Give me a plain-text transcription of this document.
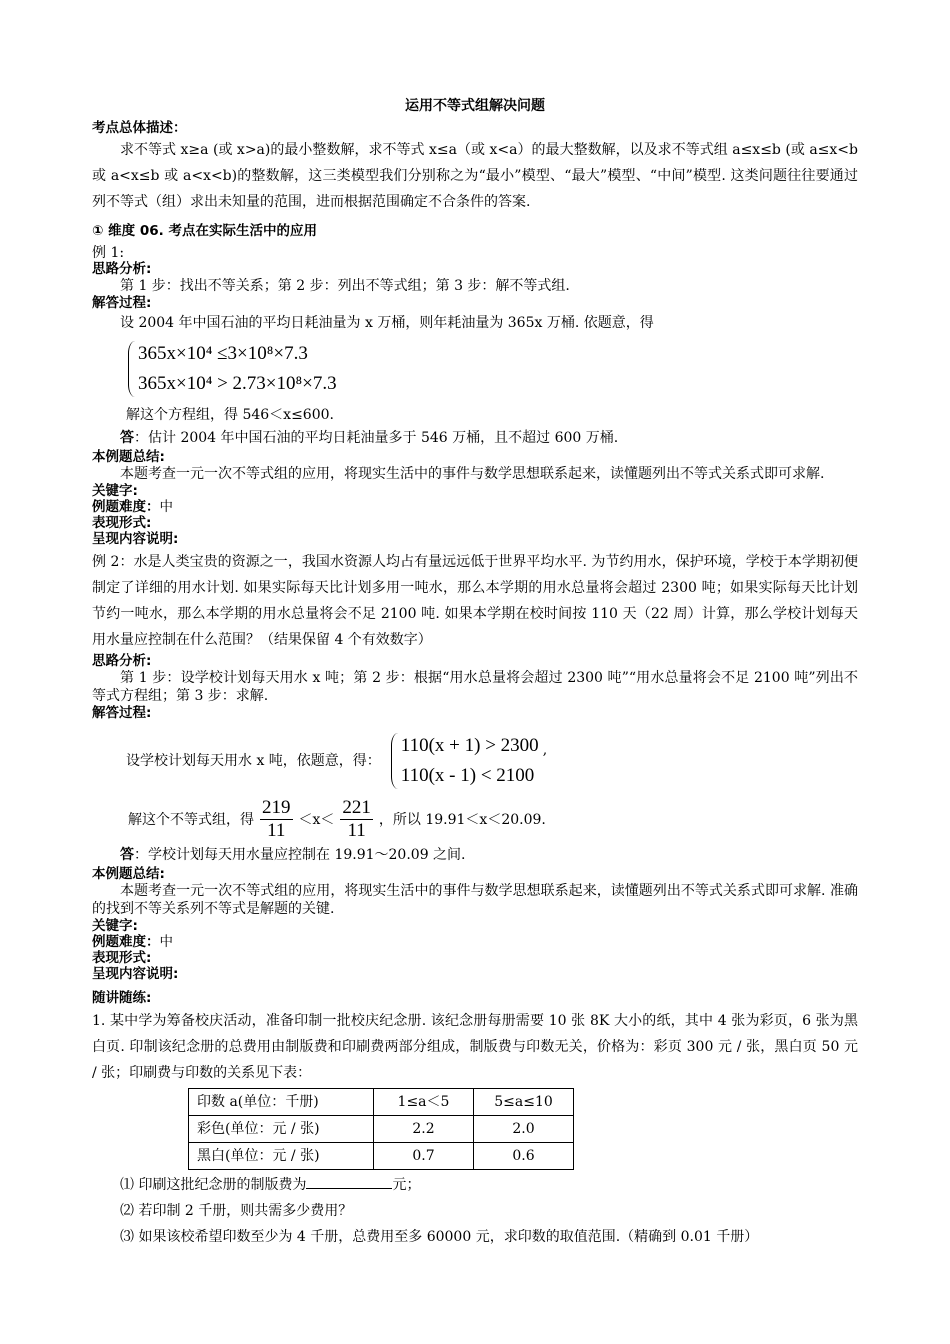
运用不等式组解决问题
考点总体描述：

求不等式 x≥a (或 x>a)的最小整数解，求不等式 x≤a（或 x<a）的最大整数解，以及求不等式组 a≤x≤b (或 a≤x<b 或 a<x≤b 或 a<x<b)的整数解，这三类模型我们分别称之为“最小”模型、“最大”模型、“中间”模型. 这类问题往往要通过列不等式（组）求出未知量的范围，进而根据范围确定不合条件的答案.

① 维度 06. 考点在实际生活中的应用
例 1:
思路分析:

第 1 步：找出不等关系；第 2 步：列出不等式组；第 3 步：解不等式组.

解答过程:

设 2004 年中国石油的平均日耗油量为 x 万桶，则年耗油量为 365x 万桶. 依题意，得

365x×10⁴ ≤3×10⁸×7.3
365x×10⁴ > 2.73×10⁸×7.3

解这个方程组，得 546＜x≤600.

答：估计 2004 年中国石油的平均日耗油量多于 546 万桶，且不超过 600 万桶.

本例题总结:

本题考查一元一次不等式组的应用，将现实生活中的事件与数学思想联系起来，读懂题列出不等式关系式即可求解.

关键字:
例题难度：中
表现形式:
呈现内容说明:

例 2：水是人类宝贵的资源之一，我国水资源人均占有量远远低于世界平均水平. 为节约用水，保护环境，学校于本学期初便制定了详细的用水计划. 如果实际每天比计划多用一吨水，那么本学期的用水总量将会超过 2300 吨；如果实际每天比计划节约一吨水，那么本学期的用水总量将会不足 2100 吨. 如果本学期在校时间按 110 天（22 周）计算，那么学校计划每天用水量应控制在什么范围？（结果保留 4 个有效数字）

思路分析:

第 1 步：设学校计划每天用水 x 吨；第 2 步：根据“用水总量将会超过 2300 吨”“用水总量将会不足 2100 吨”列出不等式方程组；第 3 步：求解.

解答过程:
设学校计划每天用水 x 吨，依题意，得：
110(x + 1) > 2300
110(x - 1) < 2100
,
解这个不等式组，得 $\frac{219}{11} <x< \frac{221}{11}$ ，所以 19.91＜x＜20.09.

答：学校计划每天用水量应控制在 19.91～20.09 之间.

本例题总结:

本题考查一元一次不等式组的应用，将现实生活中的事件与数学思想联系起来，读懂题列出不等式关系式即可求解. 准确的找到不等关系列不等式是解题的关键.

关键字:
例题难度：中
表现形式:
呈现内容说明:
随讲随练:

1. 某中学为筹备校庆活动，准备印制一批校庆纪念册. 该纪念册每册需要 10 张 8K 大小的纸，其中 4 张为彩页，6 张为黑白页. 印制该纪念册的总费用由制版费和印刷费两部分组成，制版费与印数无关，价格为：彩页 300 元 / 张，黑白页 50 元 / 张；印刷费与印数的关系见下表：

印数 a(单位：千册)	1≤a＜5	5≤a≤10
彩色(单位：元 / 张)	2.2	2.0
黑白(单位：元 / 张)	0.7	0.6
⑴ 印刷这批纪念册的制版费为	元；
⑵ 若印制 2 千册，则共需多少费用？
⑶ 如果该校希望印数至少为 4 千册，总费用至多 60000 元，求印数的取值范围.（精确到 0.01 千册）
